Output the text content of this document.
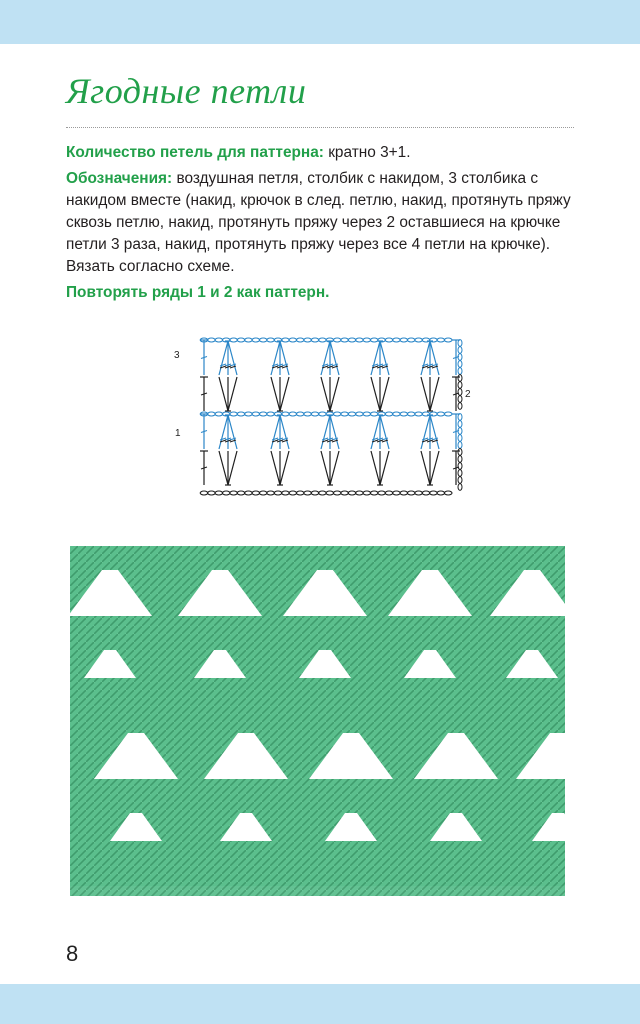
Ягодные петли

Количество петель для паттерна: кратно 3+1.

Обозначения: воздушная петля, столбик с накидом, 3 столбика с накидом вместе (накид, крючок в след. петлю, накид, протянуть пряжу сквозь петлю, накид, протянуть пряжу через 2 оставшиеся на крючке петли 3 раза, накид, протянуть пряжу через все 4 петли на крючке). Вязать согласно схеме.

Повторять ряды 1 и 2 как паттерн.

3
2
1
8
